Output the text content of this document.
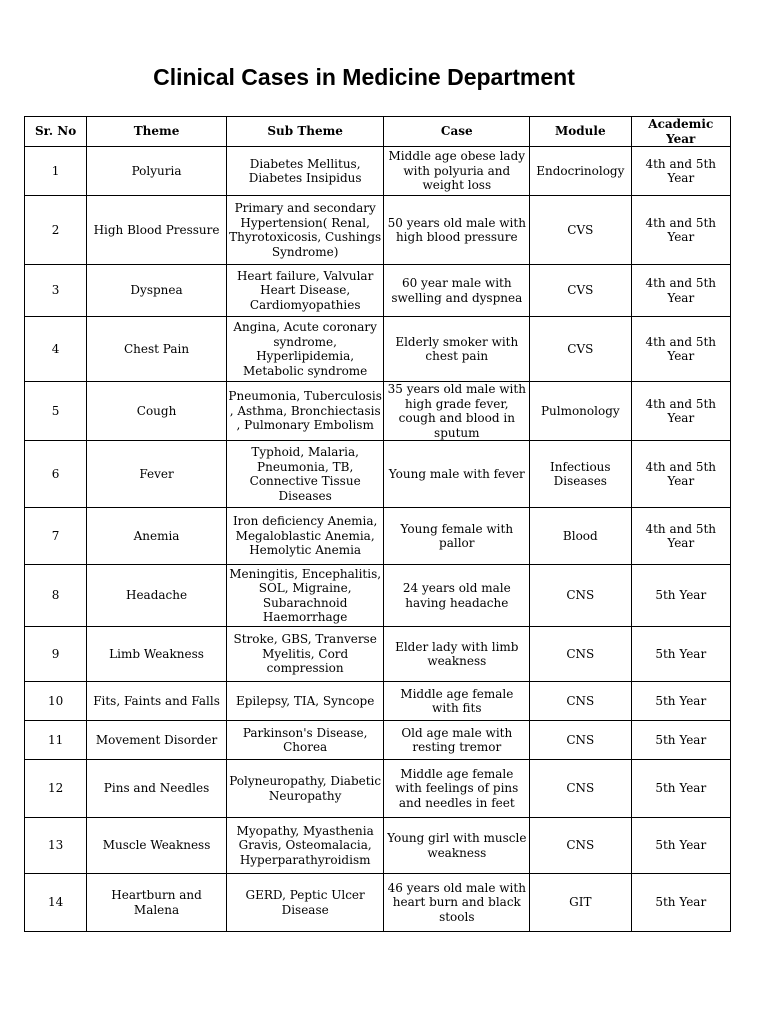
Clinical Cases in Medicine Department
Sr. No	Theme	Sub Theme	Case	Module	Academic Year
1	Polyuria	Diabetes Mellitus, Diabetes Insipidus	Middle age obese lady with polyuria and weight loss	Endocrinology	4th and 5th Year
2	High Blood Pressure	Primary and secondary Hypertension( Renal, Thyrotoxicosis, Cushings Syndrome)	50 years old male with high blood pressure	CVS	4th and 5th Year
3	Dyspnea	Heart failure, Valvular Heart Disease, Cardiomyopathies	60 year male with swelling and dyspnea	CVS	4th and 5th Year
4	Chest Pain	Angina, Acute coronary syndrome, Hyperlipidemia, Metabolic syndrome	Elderly smoker with chest pain	CVS	4th and 5th Year
5	Cough	Pneumonia, Tuberculosis , Asthma, Bronchiectasis , Pulmonary Embolism	35 years old male with high grade fever, cough and blood in sputum	Pulmonology	4th and 5th Year
6	Fever	Typhoid, Malaria, Pneumonia, TB, Connective Tissue Diseases	Young male with fever	Infectious Diseases	4th and 5th Year
7	Anemia	Iron deficiency Anemia, Megaloblastic Anemia, Hemolytic Anemia	Young female with pallor	Blood	4th and 5th Year
8	Headache	Meningitis, Encephalitis, SOL, Migraine, Subarachnoid Haemorrhage	24 years old male having headache	CNS	5th Year
9	Limb Weakness	Stroke, GBS, Tranverse Myelitis, Cord compression	Elder lady with limb weakness	CNS	5th Year
10	Fits, Faints and Falls	Epilepsy, TIA, Syncope	Middle age female with fits	CNS	5th Year
11	Movement Disorder	Parkinson's Disease, Chorea	Old age male with resting tremor	CNS	5th Year
12	Pins and Needles	Polyneuropathy, Diabetic Neuropathy	Middle age female with feelings of pins and needles in feet	CNS	5th Year
13	Muscle Weakness	Myopathy, Myasthenia Gravis, Osteomalacia, Hyperparathyroidism	Young girl with muscle weakness	CNS	5th Year
14	Heartburn and Malena	GERD, Peptic Ulcer Disease	46 years old male with heart burn and black stools	GIT	5th Year
